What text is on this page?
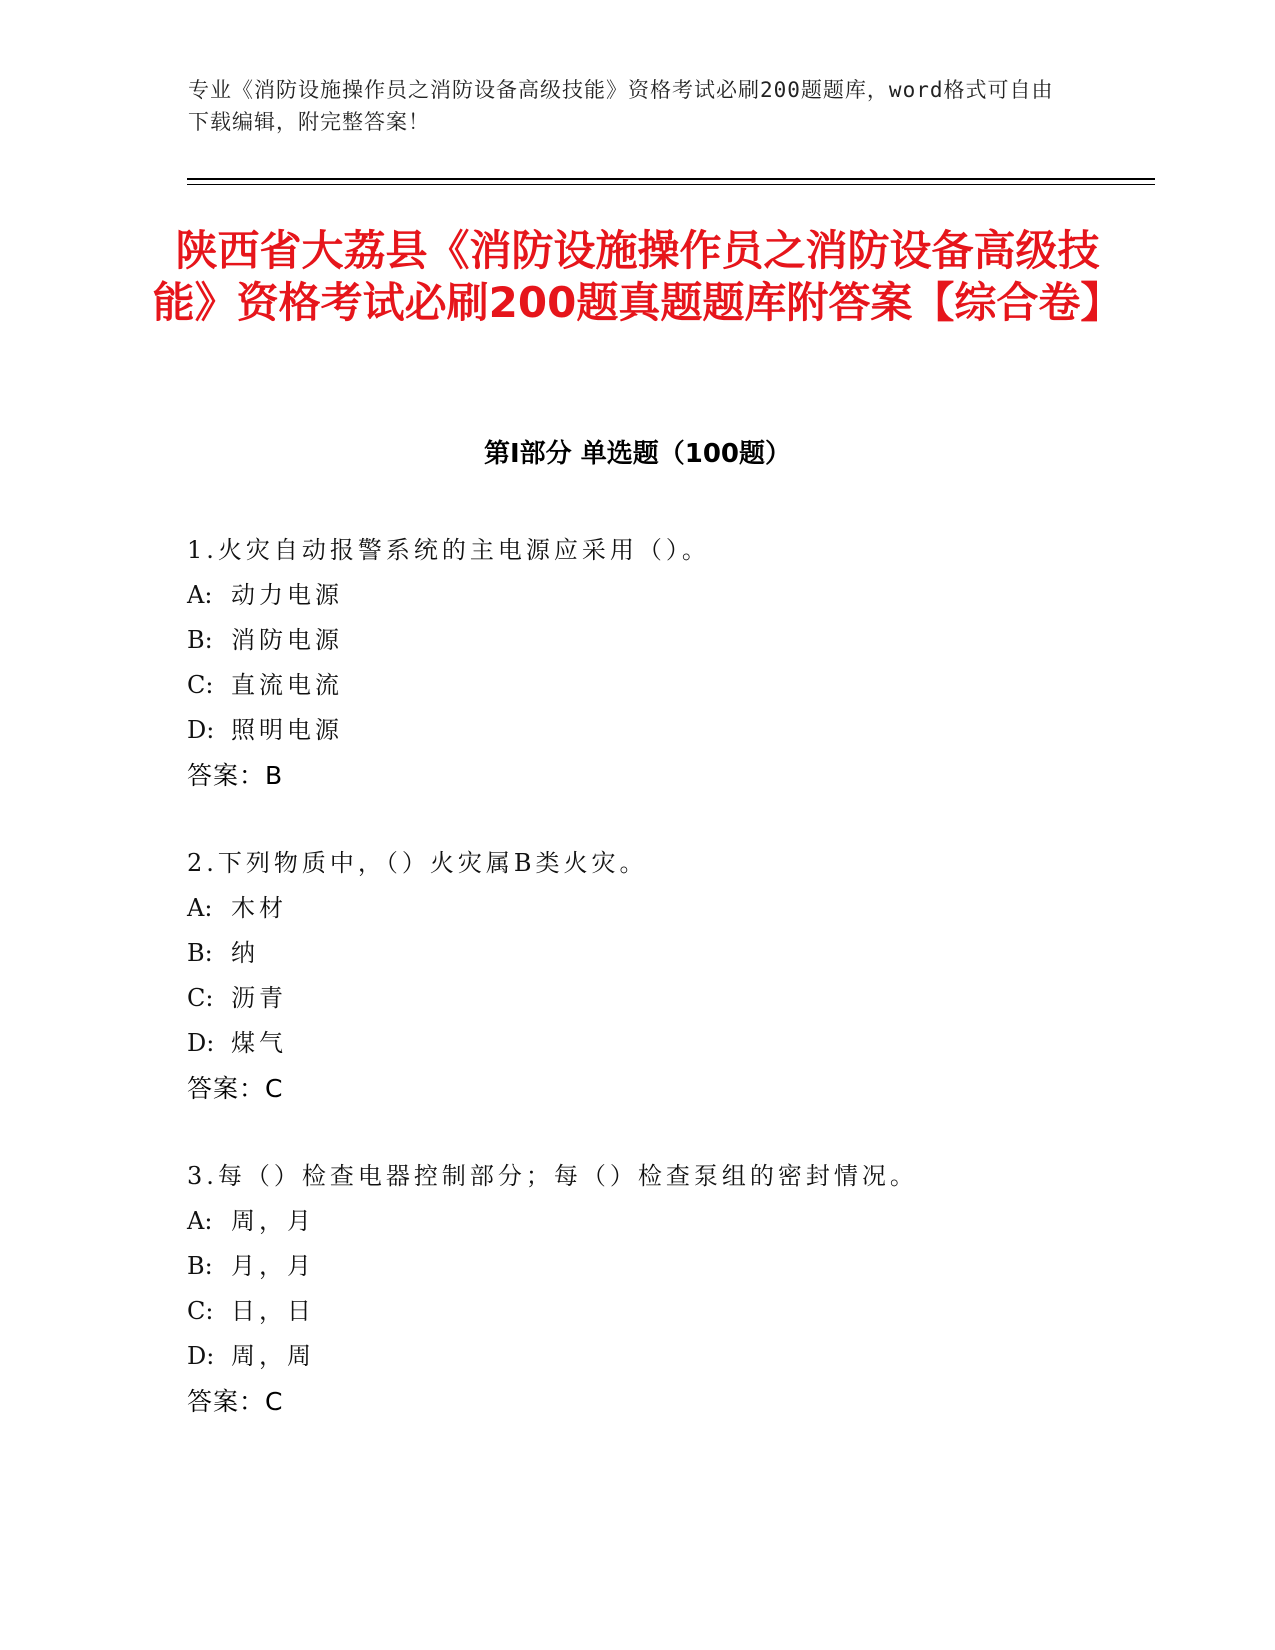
专业《消防设施操作员之消防设备高级技能》资格考试必刷200题题库，word格式可自由下载编辑，附完整答案！

陕西省大荔县《消防设施操作员之消防设备高级技能》资格考试必刷200题真题题库附答案【综合卷】
第Ⅰ部分 单选题（100题）
1.火灾自动报警系统的主电源应采用（）。
A: 动力电源
B: 消防电源
C: 直流电流
D: 照明电源
答案：B
2.下列物质中，（）火灾属B类火灾。
A: 木材
B: 纳
C: 沥青
D: 煤气
答案：C
3.每（）检查电器控制部分；每（）检查泵组的密封情况。
A: 周，月
B: 月，月
C: 日，日
D: 周，周
答案：C
